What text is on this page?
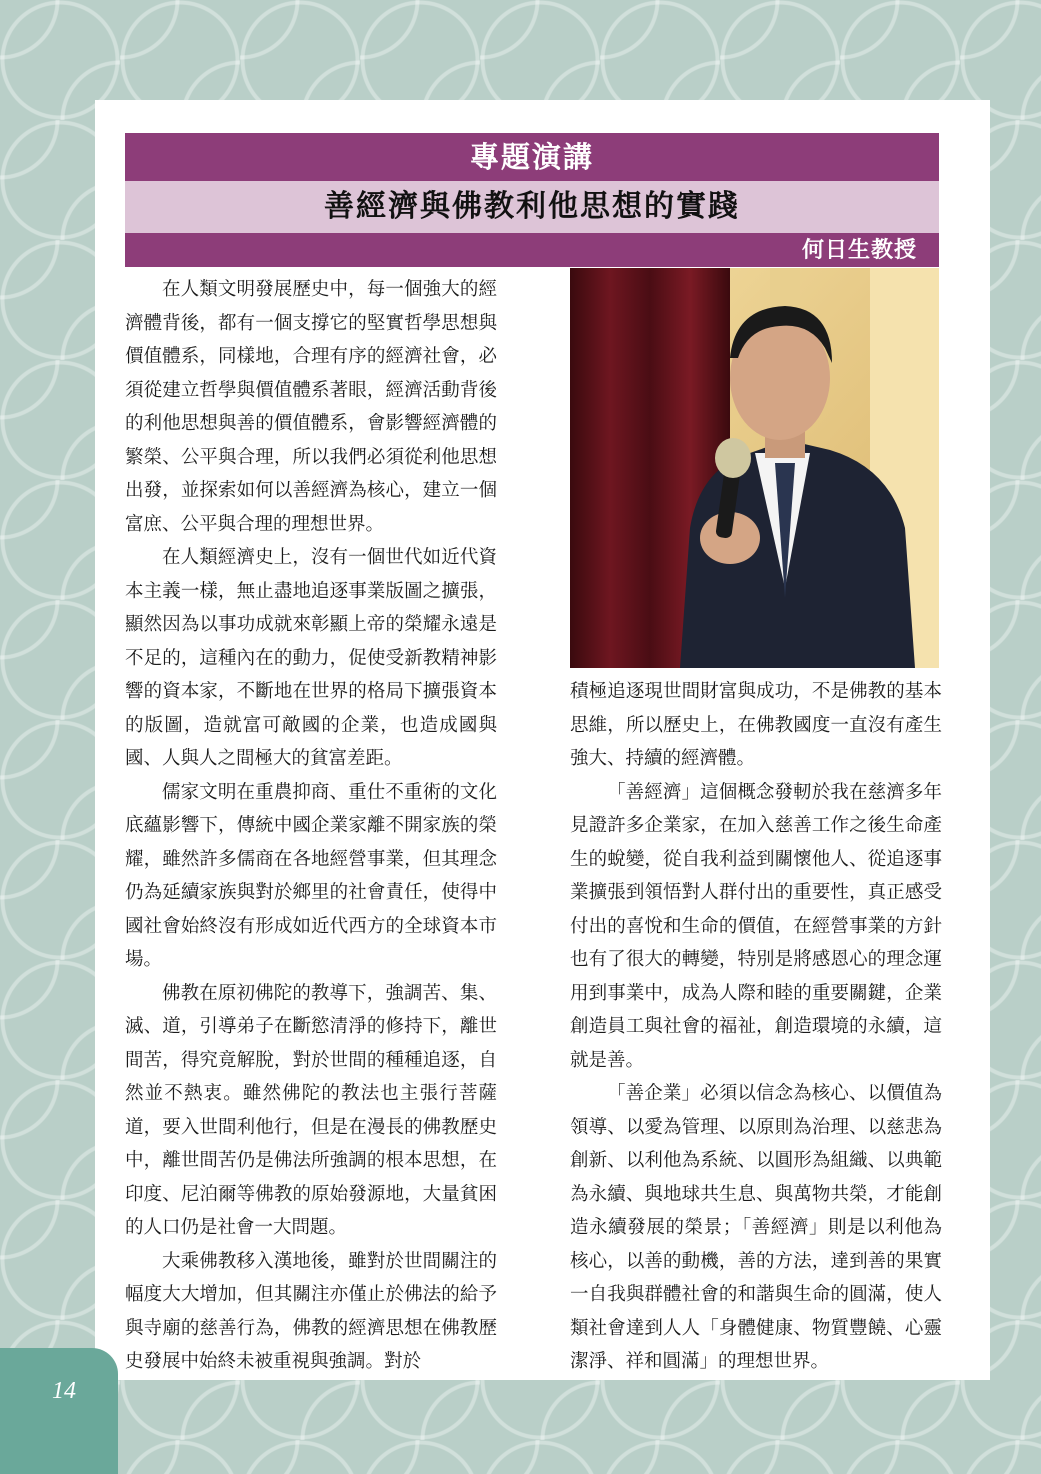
專題演講
善經濟與佛教利他思想的實踐
何日生教授

在人類文明發展歷史中，每一個強大的經濟體背後，都有一個支撐它的堅實哲學思想與價值體系，同樣地，合理有序的經濟社會，必須從建立哲學與價值體系著眼，經濟活動背後的利他思想與善的價值體系，會影響經濟體的繁榮、公平與合理，所以我們必須從利他思想出發，並探索如何以善經濟為核心，建立一個富庶、公平與合理的理想世界。

在人類經濟史上，沒有一個世代如近代資本主義一樣，無止盡地追逐事業版圖之擴張，顯然因為以事功成就來彰顯上帝的榮耀永遠是不足的，這種內在的動力，促使受新教精神影響的資本家，不斷地在世界的格局下擴張資本的版圖，造就富可敵國的企業，也造成國與國、人與人之間極大的貧富差距。

儒家文明在重農抑商、重仕不重術的文化底蘊影響下，傳統中國企業家離不開家族的榮耀，雖然許多儒商在各地經營事業，但其理念仍為延續家族與對於鄉里的社會責任，使得中國社會始終沒有形成如近代西方的全球資本市場。

佛教在原初佛陀的教導下，強調苦、集、滅、道，引導弟子在斷慾清淨的修持下，離世間苦，得究竟解脫，對於世間的種種追逐，自然並不熱衷。雖然佛陀的教法也主張行菩薩道，要入世間利他行，但是在漫長的佛教歷史中，離世間苦仍是佛法所強調的根本思想，在印度、尼泊爾等佛教的原始發源地，大量貧困的人口仍是社會一大問題。

大乘佛教移入漢地後，雖對於世間關注的幅度大大增加，但其關注亦僅止於佛法的給予與寺廟的慈善行為，佛教的經濟思想在佛教歷史發展中始終未被重視與強調。對於

積極追逐現世間財富與成功，不是佛教的基本思維，所以歷史上，在佛教國度一直沒有產生強大、持續的經濟體。

「善經濟」這個概念發軔於我在慈濟多年見證許多企業家，在加入慈善工作之後生命產生的蛻變，從自我利益到關懷他人、從追逐事業擴張到領悟對人群付出的重要性，真正感受付出的喜悅和生命的價值，在經營事業的方針也有了很大的轉變，特別是將感恩心的理念運用到事業中，成為人際和睦的重要關鍵，企業創造員工與社會的福祉，創造環境的永續，這就是善。

「善企業」必須以信念為核心、以價值為領導、以愛為管理、以原則為治理、以慈悲為創新、以利他為系統、以圓形為組織、以典範為永續、與地球共生息、與萬物共榮，才能創造永續發展的榮景；「善經濟」則是以利他為核心，以善的動機，善的方法，達到善的果實一自我與群體社會的和諧與生命的圓滿，使人類社會達到人人「身體健康、物質豐饒、心靈潔淨、祥和圓滿」的理想世界。

14
